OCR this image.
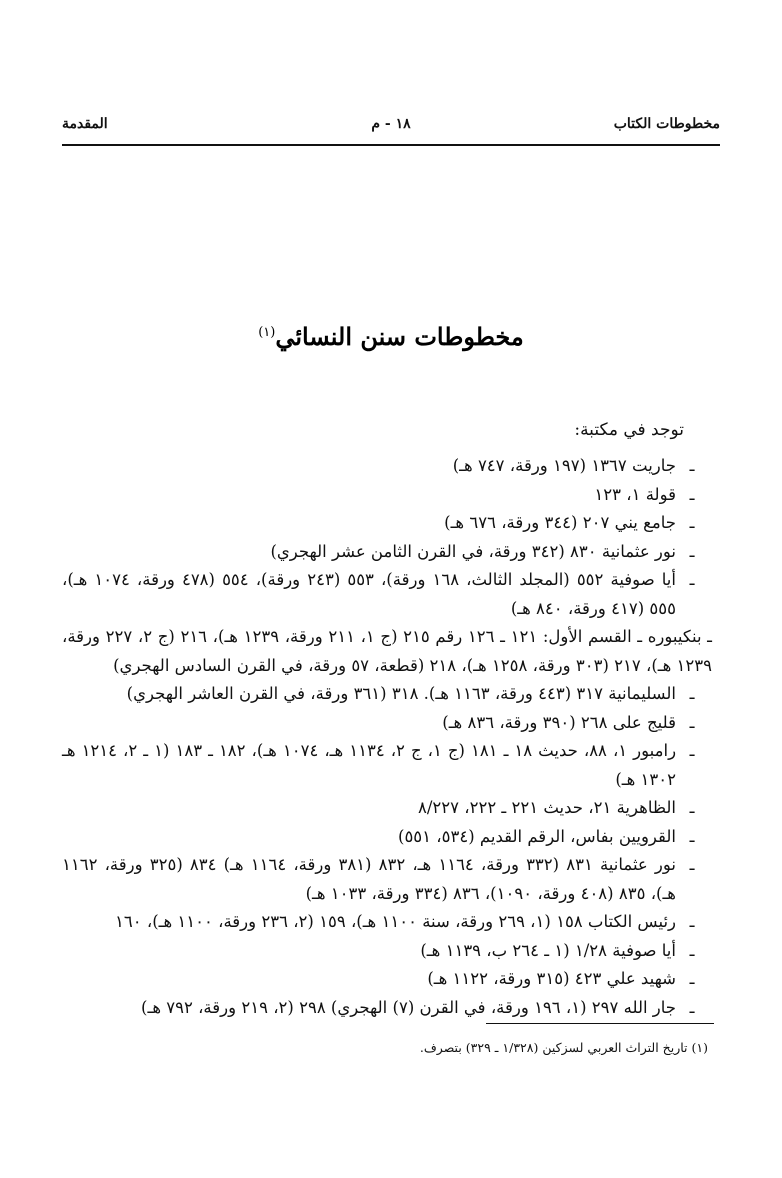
مخطوطات الكتاب
١٨ - م
المقدمة
مخطوطات سنن النسائي$^{(١)}$
توجد في مكتبة:
ـ
جاريت ١٣٦٧ (١٩٧ ورقة، ٧٤٧ هـ)
ـ
قولة ١، ١٢٣
ـ
جامع يني ٢٠٧ (٣٤٤ ورقة، ٦٧٦ هـ)
ـ
نور عثمانية ٨٣٠ (٣٤٢ ورقة، في القرن الثامن عشر الهجري)
ـ
أيا صوفية ٥٥٢ (المجلد الثالث، ١٦٨ ورقة)، ٥٥٣ (٢٤٣ ورقة)، ٥٥٤ (٤٧٨ ورقة، ١٠٧٤ هـ)، ٥٥٥ (٤١٧ ورقة، ٨٤٠ هـ)
ـ بنكيبوره ـ القسم الأول: ١٢١ ـ ١٢٦ رقم ٢١٥ (ج ١، ٢١١ ورقة، ١٢٣٩ هـ)، ٢١٦ (ج ٢، ٢٢٧ ورقة، ١٢٣٩ هـ)، ٢١٧ (٣٠٣ ورقة، ١٢٥٨ هـ)، ٢١٨ (قطعة، ٥٧ ورقة، في القرن السادس الهجري)
ـ
السليمانية ٣١٧ (٤٤٣ ورقة، ١١٦٣ هـ). ٣١٨ (٣٦١ ورقة، في القرن العاشر الهجري)
ـ
قليج على ٢٦٨ (٣٩٠ ورقة، ٨٣٦ هـ)
ـ
رامبور ١، ٨٨، حديث ١٨ ـ ١٨١ (ج ١، ج ٢، ١١٣٤ هـ، ١٠٧٤ هـ)، ١٨٢ ـ ١٨٣ (١ ـ ٢، ١٢١٤ هـ ١٣٠٢ هـ)
ـ
الظاهرية ٢١، حديث ٢٢١ ـ ٢٢٢، ٨/٢٢٧
ـ
القرويين بفاس، الرقم القديم (٥٣٤، ٥٥١)
ـ
نور عثمانية ٨٣١ (٣٣٢ ورقة، ١١٦٤ هـ، ٨٣٢ (٣٨١ ورقة، ١١٦٤ هـ) ٨٣٤ (٣٢٥ ورقة، ١١٦٢ هـ)، ٨٣٥ (٤٠٨ ورقة، ١٠٩٠)، ٨٣٦ (٣٣٤ ورقة، ١٠٣٣ هـ)
ـ
رئيس الكتاب ١٥٨ (١، ٢٦٩ ورقة، سنة ١١٠٠ هـ)، ١٥٩ (٢، ٢٣٦ ورقة، ١١٠٠ هـ)، ١٦٠
ـ
أيا صوفية ١/٢٨ (١ ـ ٢٦٤ ب، ١١٣٩ هـ)
ـ
شهيد علي ٤٢٣ (٣١٥ ورقة، ١١٢٢ هـ)
ـ
جار الله ٢٩٧ (١، ١٩٦ ورقة، في القرن (٧) الهجري) ٢٩٨ (٢، ٢١٩ ورقة، ٧٩٢ هـ)
(١) تاريخ التراث العربي لسزكين (١/٣٢٨ ـ ٣٢٩) بتصرف.
